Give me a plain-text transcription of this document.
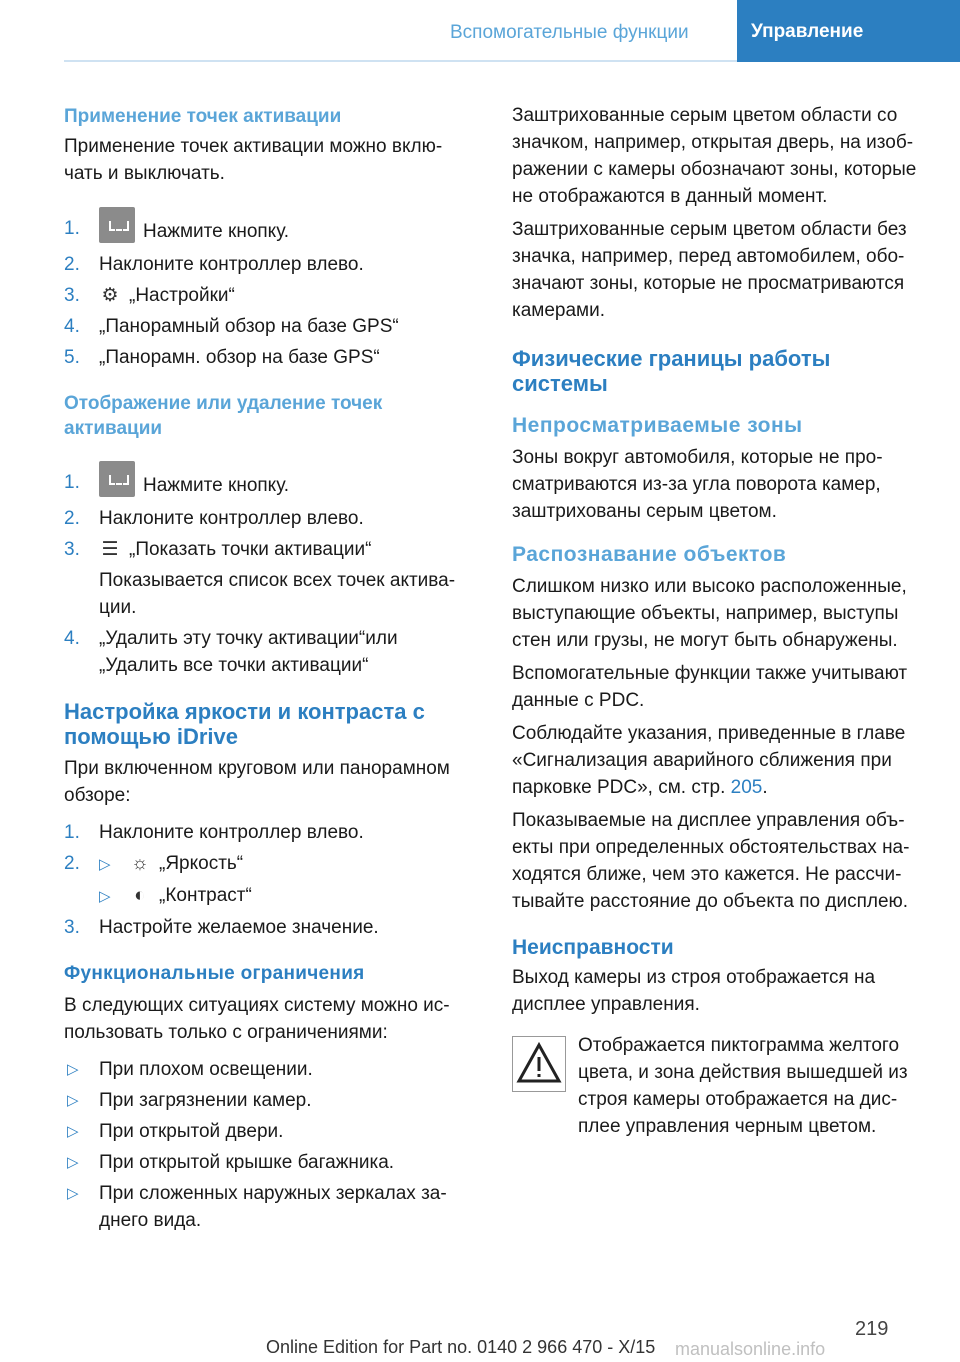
Вспомогательные функции	Управление
Применение точек активации

Применение точек активации можно включать и выключать.

1.	Нажмите кнопку.
2. Наклоните контроллер влево.
3. ⚙ „Настройки“
4. „Панорамный обзор на базе GPS“
5. „Панорамн. обзор на базе GPS“
Отображение или удаление точек активации
1.	Нажмите кнопку.
2. Наклоните контроллер влево.
3. ☰ „Показать точки активации“
Показывается список всех точек активации.
4. „Удалить эту точку активации“или „Удалить все точки активации“
Настройка яркости и контраста с помощью iDrive

При включенном круговом или панорамном обзоре:

1. Наклоните контроллер влево.
2. ▷ ☼ „Яркость“
▷ ◐ „Контраст“
3. Настройте желаемое значение.
Функциональные ограничения

В следующих ситуациях систему можно использовать только с ограничениями:

▷ При плохом освещении.
▷ При загрязнении камер.
▷ При открытой двери.
▷ При открытой крышке багажника.
▷ При сложенных наружных зеркалах заднего вида.

Заштрихованные серым цветом области со значком, например, открытая дверь, на изображении с камеры обозначают зоны, которые не отображаются в данный момент.

Заштрихованные серым цветом области без значка, например, перед автомобилем, обозначают зоны, которые не просматриваются камерами.

Физические границы работы системы
Непросматриваемые зоны

Зоны вокруг автомобиля, которые не просматриваются из-за угла поворота камер, заштрихованы серым цветом.

Распознавание объектов

Слишком низко или высоко расположенные, выступающие объекты, например, выступы стен или грузы, не могут быть обнаружены.

Вспомогательные функции также учитывают данные с PDC.

Соблюдайте указания, приведенные в главе «Сигнализация аварийного сближения при парковке PDC», см. стр. 205.

Показываемые на дисплее управления объекты при определенных обстоятельствах находятся ближе, чем это кажется. Не рассчитывайте расстояние до объекта по дисплею.

Неисправности

Выход камеры из строя отображается на дисплее управления.

Отображается пиктограмма желтого цвета, и зона действия вышедшей из строя камеры отображается на дисплее управления черным цветом.

219
Online Edition for Part no. 0140 2 966 470 - X/15 manualsonline.info
